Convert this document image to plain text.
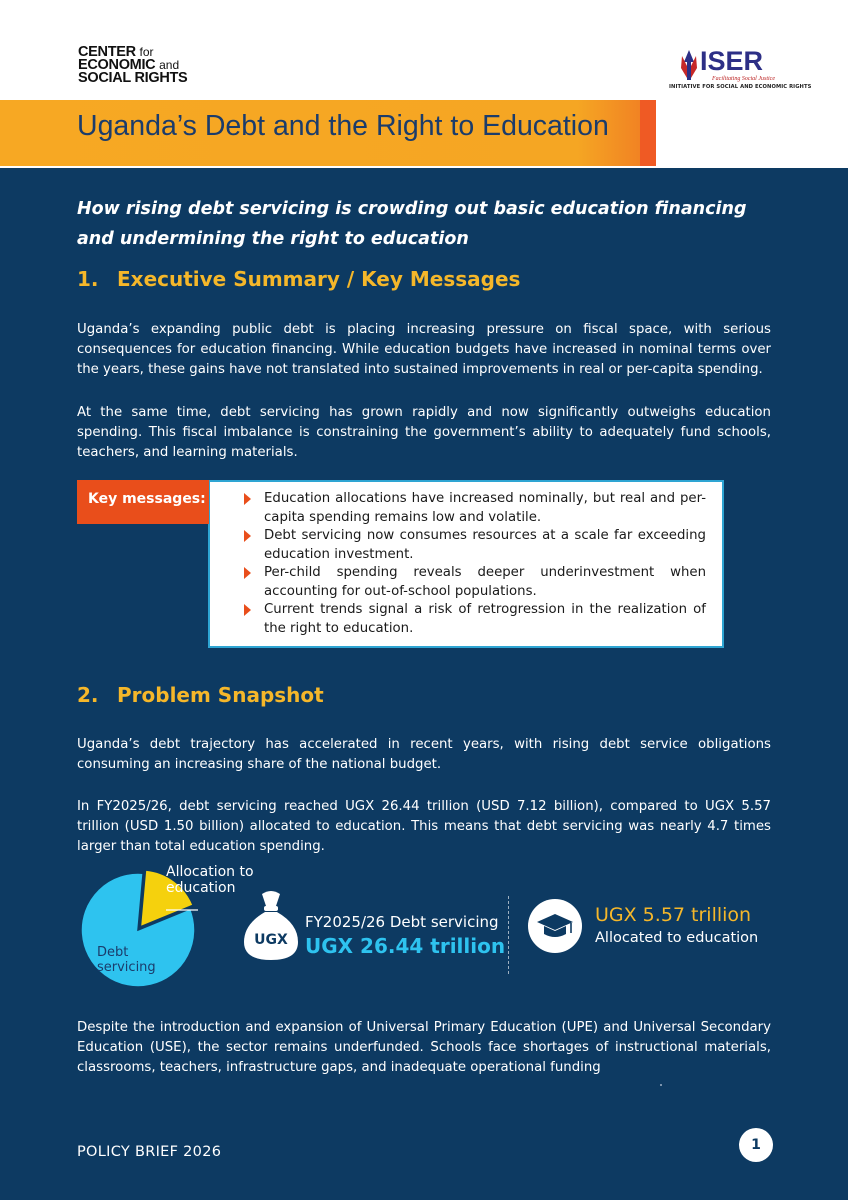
CENTER for
ECONOMIC and
SOCIAL RIGHTS
ISER
Facilitating Social Justice
INITIATIVE FOR SOCIAL AND ECONOMIC RIGHTS
Uganda’s Debt and the Right to Education
How rising debt servicing is crowding out basic education financing and undermining the right to education
1. Executive Summary / Key Messages

Uganda’s expanding public debt is placing increasing pressure on fiscal space, with serious consequences for education financing. While education budgets have increased in nominal terms over the years, these gains have not translated into sustained improvements in real or per-capita spending.

At the same time, debt servicing has grown rapidly and now significantly outweighs education spending. This fiscal imbalance is constraining the government’s ability to adequately fund schools, teachers, and learning materials.

Key messages:	Education allocations have increased nominally, but real and per-capita spending remains low and volatile.
Debt servicing now consumes resources at a scale far exceeding education investment.
Per-child spending reveals deeper underinvestment when accounting for out-of-school populations.
Current trends signal a risk of retrogression in the realization of the right to education.
2. Problem Snapshot

Uganda’s debt trajectory has accelerated in recent years, with rising debt service obligations consuming an increasing share of the national budget.

In FY2025/26, debt servicing reached UGX 26.44 trillion (USD 7.12 billion), compared to UGX 5.57 trillion (USD 1.50 billion) allocated to education. This means that debt servicing was nearly 4.7 times larger than total education spending.

Allocation to education
Debt servicing
UGX
FY2025/26 Debt servicing
UGX 26.44 trillion
UGX 5.57 trillion
Allocated to education

Despite the introduction and expansion of Universal Primary Education (UPE) and Universal Secondary Education (USE), the sector remains underfunded. Schools face shortages of instructional materials, classrooms, teachers, infrastructure gaps, and inadequate operational funding

POLICY BRIEF 2026	1
